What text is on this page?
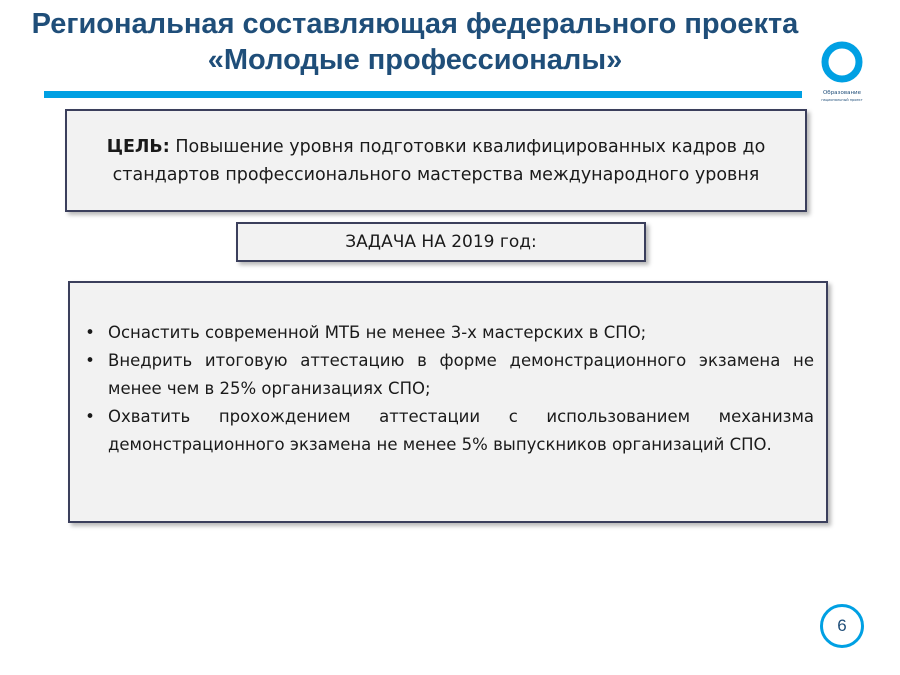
Региональная составляющая федерального проекта
«Молодые профессионалы»
Образование
национальный проект
ЦЕЛЬ: Повышение уровня подготовки квалифицированных кадров до
стандартов профессионального мастерства международного уровня
ЗАДАЧА НА 2019 год:
• Оснастить современной МТБ не менее 3-х мастерских в СПО;
• Внедрить итоговую аттестацию в форме демонстрационного экзамена не менее чем в 25% организациях СПО;
• Охватить прохождением аттестации с использованием механизма демонстрационного экзамена не менее 5% выпускников организаций СПО.
6
